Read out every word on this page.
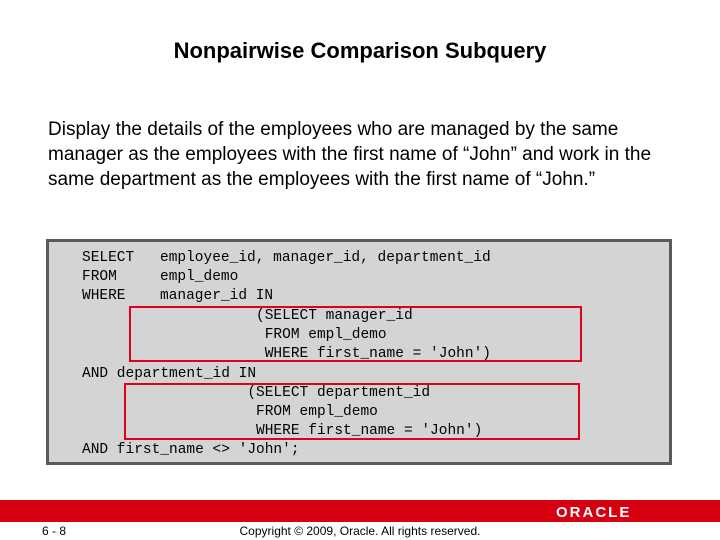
Nonpairwise Comparison Subquery
Display the details of the employees who are managed by the same manager as the employees with the first name of “John” and work in the same department as the employees with the first name of “John.”

SELECT

employee_id, manager_id, department_id

FROM

	empl_demo

WHERE

manager_id IN

(SELECT manager_id
FROM empl_demo
WHERE first_name = 'John')
AND department_id IN
(SELECT department_id
FROM empl_demo
WHERE first_name = 'John')
AND first_name <> 'John';
ORACLE
6 - 8	Copyright © 2009, Oracle. All rights reserved.
